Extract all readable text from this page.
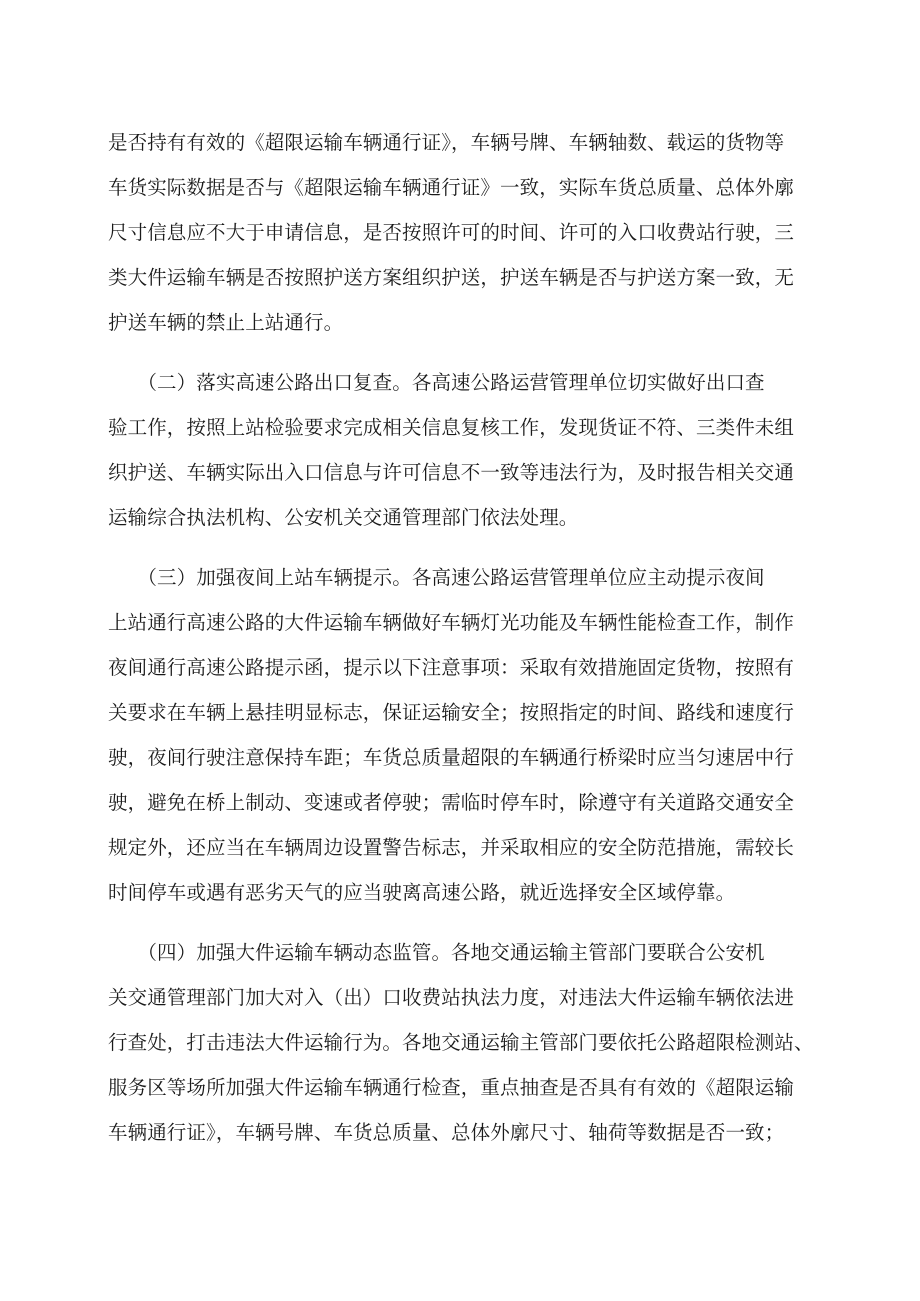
是否持有有效的《超限运输车辆通行证》，车辆号牌、车辆轴数、载运的货物等
车货实际数据是否与《超限运输车辆通行证》一致，实际车货总质量、总体外廓
尺寸信息应不大于申请信息，是否按照许可的时间、许可的入口收费站行驶，三
类大件运输车辆是否按照护送方案组织护送，护送车辆是否与护送方案一致，无
护送车辆的禁止上站通行。

　　（二）落实高速公路出口复查。各高速公路运营管理单位切实做好出口查
验工作，按照上站检验要求完成相关信息复核工作，发现货证不符、三类件未组
织护送、车辆实际出入口信息与许可信息不一致等违法行为，及时报告相关交通
运输综合执法机构、公安机关交通管理部门依法处理。

　　（三）加强夜间上站车辆提示。各高速公路运营管理单位应主动提示夜间
上站通行高速公路的大件运输车辆做好车辆灯光功能及车辆性能检查工作，制作
夜间通行高速公路提示函，提示以下注意事项：采取有效措施固定货物，按照有
关要求在车辆上悬挂明显标志，保证运输安全；按照指定的时间、路线和速度行
驶，夜间行驶注意保持车距；车货总质量超限的车辆通行桥梁时应当匀速居中行
驶，避免在桥上制动、变速或者停驶；需临时停车时，除遵守有关道路交通安全
规定外，还应当在车辆周边设置警告标志，并采取相应的安全防范措施，需较长
时间停车或遇有恶劣天气的应当驶离高速公路，就近选择安全区域停靠。

　　（四）加强大件运输车辆动态监管。各地交通运输主管部门要联合公安机
关交通管理部门加大对入（出）口收费站执法力度，对违法大件运输车辆依法进
行查处，打击违法大件运输行为。各地交通运输主管部门要依托公路超限检测站、
服务区等场所加强大件运输车辆通行检查，重点抽查是否具有有效的《超限运输
车辆通行证》，车辆号牌、车货总质量、总体外廓尺寸、轴荷等数据是否一致；
